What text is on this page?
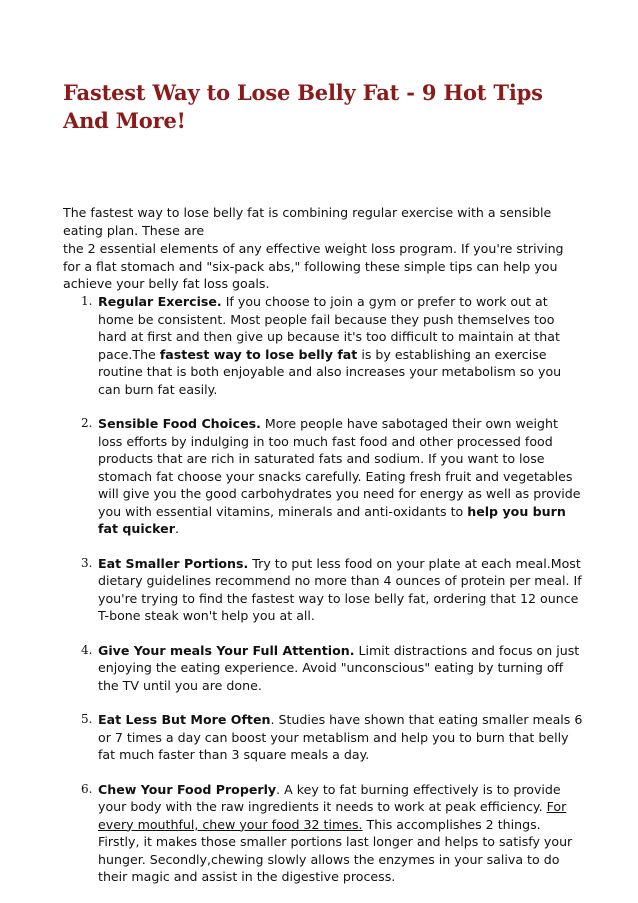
Fastest Way to Lose Belly Fat - 9 Hot Tips And More!

The fastest way to lose belly fat is combining regular exercise with a sensible eating plan. These are

the 2 essential elements of any effective weight loss program. If you're striving for a flat stomach and "six-pack abs," following these simple tips can help you achieve your belly fat loss goals.

1. Regular Exercise. If you choose to join a gym or prefer to work out at home be consistent. Most people fail because they push themselves too hard at first and then give up because it's too difficult to maintain at that pace.The fastest way to lose belly fat is by establishing an exercise routine that is both enjoyable and also increases your metabolism so you can burn fat easily.
2. Sensible Food Choices. More people have sabotaged their own weight loss efforts by indulging in too much fast food and other processed food products that are rich in saturated fats and sodium. If you want to lose stomach fat choose your snacks carefully. Eating fresh fruit and vegetables will give you the good carbohydrates you need for energy as well as provide you with essential vitamins, minerals and anti-oxidants to help you burn fat quicker.
3. Eat Smaller Portions. Try to put less food on your plate at each meal.Most dietary guidelines recommend no more than 4 ounces of protein per meal. If you're trying to find the fastest way to lose belly fat, ordering that 12 ounce T-bone steak won't help you at all.
4. Give Your meals Your Full Attention. Limit distractions and focus on just enjoying the eating experience. Avoid "unconscious" eating by turning off the TV until you are done.
5. Eat Less But More Often. Studies have shown that eating smaller meals 6 or 7 times a day can boost your metablism and help you to burn that belly fat much faster than 3 square meals a day.
6. Chew Your Food Properly. A key to fat burning effectively is to provide your body with the raw ingredients it needs to work at peak efficiency. For every mouthful, chew your food 32 times. This accomplishes 2 things. Firstly, it makes those smaller portions last longer and helps to satisfy your hunger. Secondly,chewing slowly allows the enzymes in your saliva to do their magic and assist in the digestive process.
